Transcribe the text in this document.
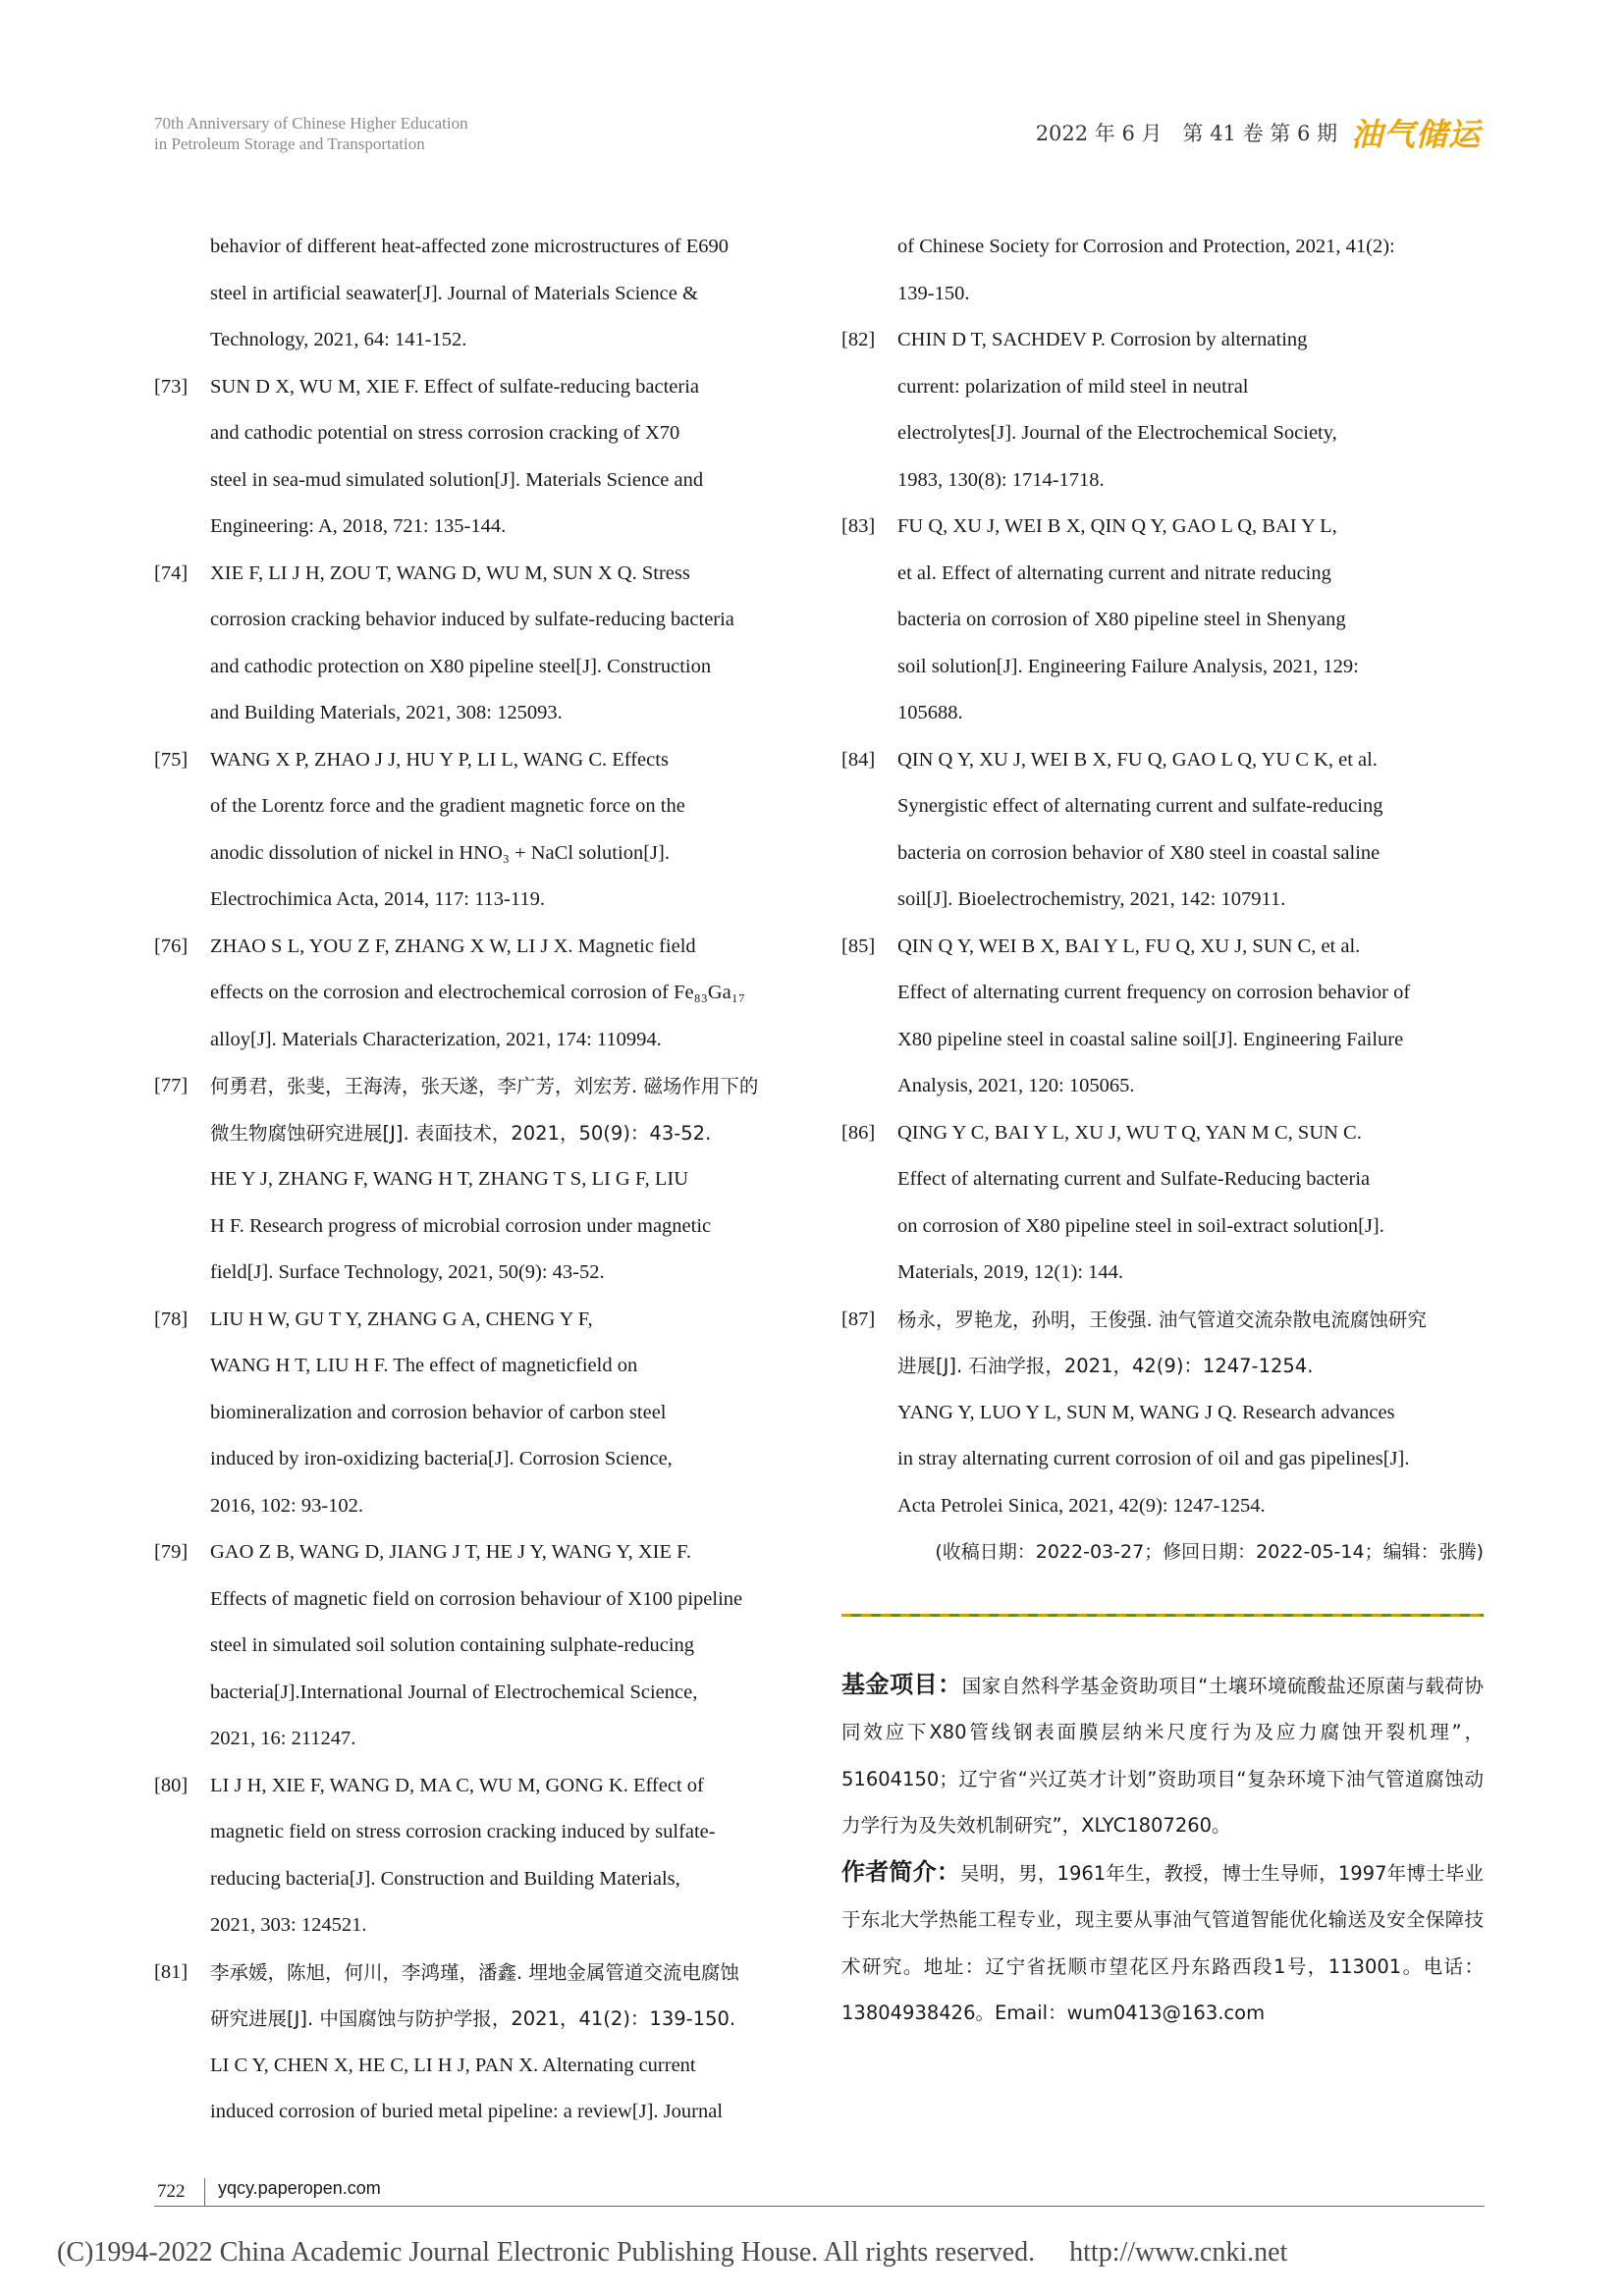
70th Anniversary of Chinese Higher Education
in Petroleum Storage and Transportation	2022 年 6 月　第 41 卷 第 6 期 油气储运
behavior of different heat-affected zone microstructures of E690
steel in artificial seawater[J]. Journal of Materials Science &
Technology, 2021, 64: 141-152.
[73] SUN D X, WU M, XIE F. Effect of sulfate-reducing bacteria
and cathodic potential on stress corrosion cracking of X70
steel in sea-mud simulated solution[J]. Materials Science and
Engineering: A, 2018, 721: 135-144.
[74] XIE F, LI J H, ZOU T, WANG D, WU M, SUN X Q. Stress
corrosion cracking behavior induced by sulfate-reducing bacteria
and cathodic protection on X80 pipeline steel[J]. Construction
and Building Materials, 2021, 308: 125093.
[75] WANG X P, ZHAO J J, HU Y P, LI L, WANG C. Effects
of the Lorentz force and the gradient magnetic force on the
anodic dissolution of nickel in HNO₃ + NaCl solution[J].
Electrochimica Acta, 2014, 117: 113-119.
[76] ZHAO S L, YOU Z F, ZHANG X W, LI J X. Magnetic field
effects on the corrosion and electrochemical corrosion of Fe₈₃Ga₁₇
alloy[J]. Materials Characterization, 2021, 174: 110994.
[77] 何勇君，张斐，王海涛，张天遂，李广芳，刘宏芳. 磁场作用下的
微生物腐蚀研究进展[J]. 表面技术，2021，50(9)：43-52.
HE Y J, ZHANG F, WANG H T, ZHANG T S, LI G F, LIU
H F. Research progress of microbial corrosion under magnetic
field[J]. Surface Technology, 2021, 50(9): 43-52.
[78] LIU H W, GU T Y, ZHANG G A, CHENG Y F,
WANG H T, LIU H F. The effect of magneticfield on
biomineralization and corrosion behavior of carbon steel
induced by iron-oxidizing bacteria[J]. Corrosion Science,
2016, 102: 93-102.
[79] GAO Z B, WANG D, JIANG J T, HE J Y, WANG Y, XIE F.
Effects of magnetic field on corrosion behaviour of X100 pipeline
steel in simulated soil solution containing sulphate-reducing
bacteria[J].International Journal of Electrochemical Science,
2021, 16: 211247.
[80] LI J H, XIE F, WANG D, MA C, WU M, GONG K. Effect of
magnetic field on stress corrosion cracking induced by sulfate-
reducing bacteria[J]. Construction and Building Materials,
2021, 303: 124521.
[81] 李承媛，陈旭，何川，李鸿瑾，潘鑫. 埋地金属管道交流电腐蚀
研究进展[J]. 中国腐蚀与防护学报，2021，41(2)：139-150.
LI C Y, CHEN X, HE C, LI H J, PAN X. Alternating current
induced corrosion of buried metal pipeline: a review[J]. Journal
of Chinese Society for Corrosion and Protection, 2021, 41(2):
139-150.
[82] CHIN D T, SACHDEV P. Corrosion by alternating
current: polarization of mild steel in neutral
electrolytes[J]. Journal of the Electrochemical Society,
1983, 130(8): 1714-1718.
[83] FU Q, XU J, WEI B X, QIN Q Y, GAO L Q, BAI Y L,
et al. Effect of alternating current and nitrate reducing
bacteria on corrosion of X80 pipeline steel in Shenyang
soil solution[J]. Engineering Failure Analysis, 2021, 129:
105688.
[84] QIN Q Y, XU J, WEI B X, FU Q, GAO L Q, YU C K, et al.
Synergistic effect of alternating current and sulfate-reducing
bacteria on corrosion behavior of X80 steel in coastal saline
soil[J]. Bioelectrochemistry, 2021, 142: 107911.
[85] QIN Q Y, WEI B X, BAI Y L, FU Q, XU J, SUN C, et al.
Effect of alternating current frequency on corrosion behavior of
X80 pipeline steel in coastal saline soil[J]. Engineering Failure
Analysis, 2021, 120: 105065.
[86] QING Y C, BAI Y L, XU J, WU T Q, YAN M C, SUN C.
Effect of alternating current and Sulfate-Reducing bacteria
on corrosion of X80 pipeline steel in soil-extract solution[J].
Materials, 2019, 12(1): 144.
[87] 杨永，罗艳龙，孙明，王俊强. 油气管道交流杂散电流腐蚀研究
进展[J]. 石油学报，2021，42(9)：1247-1254.
YANG Y, LUO Y L, SUN M, WANG J Q. Research advances
in stray alternating current corrosion of oil and gas pipelines[J].
Acta Petrolei Sinica, 2021, 42(9): 1247-1254.
(收稿日期：2022-03-27；修回日期：2022-05-14；编辑：张腾)
基金项目：国家自然科学基金资助项目“土壤环境硫酸盐还原菌与载荷协同效应下X80管线钢表面膜层纳米尺度行为及应力腐蚀开裂机理”，51604150；辽宁省“兴辽英才计划”资助项目“复杂环境下油气管道腐蚀动力学行为及失效机制研究”，XLYC1807260。
作者简介：吴明，男，1961年生，教授，博士生导师，1997年博士毕业于东北大学热能工程专业，现主要从事油气管道智能优化输送及安全保障技术研究。地址：辽宁省抚顺市望花区丹东路西段1号，113001。电话：13804938426。Email：wum0413@163.com
722 yqcy.paperopen.com
(C)1994-2022 China Academic Journal Electronic Publishing House. All rights reserved.　 http://www.cnki.net
